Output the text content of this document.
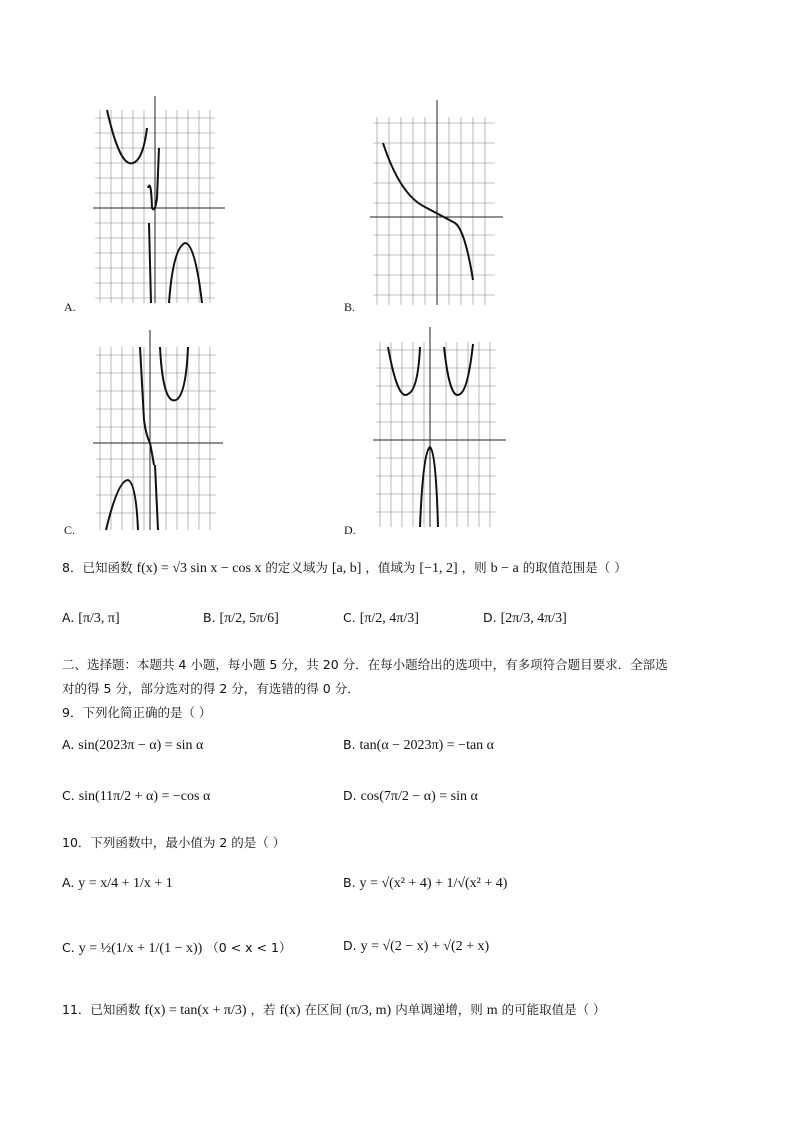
A.	B.
C.	D.
8．已知函数 f(x) = √3 sin x − cos x 的定义域为 [a, b] ，值域为 [−1, 2] ，则 b − a 的取值范围是（ ）
A. [π/3, π]	B. [π/2, 5π/6]	C. [π/2, 4π/3]	D. [2π/3, 4π/3]
二、选择题：本题共 4 小题，每小题 5 分，共 20 分．在每小题给出的选项中，有多项符合题目要求．全部选
对的得 5 分，部分选对的得 2 分，有选错的得 0 分．
9．下列化简正确的是（ ）
A. sin(2023π − α) = sin α	B. tan(α − 2023π) = −tan α
C. sin(11π/2 + α) = −cos α	D. cos(7π/2 − α) = sin α
10．下列函数中，最小值为 2 的是（ ）
A. y = x/4 + 1/x + 1	B. y = √(x² + 4) + 1/√(x² + 4)
C. y = ½(1/x + 1/(1 − x)) （0 < x < 1）	D. y = √(2 − x) + √(2 + x)
11．已知函数 f(x) = tan(x + π/3) ，若 f(x) 在区间 (π/3, m) 内单调递增，则 m 的可能取值是（ ）
